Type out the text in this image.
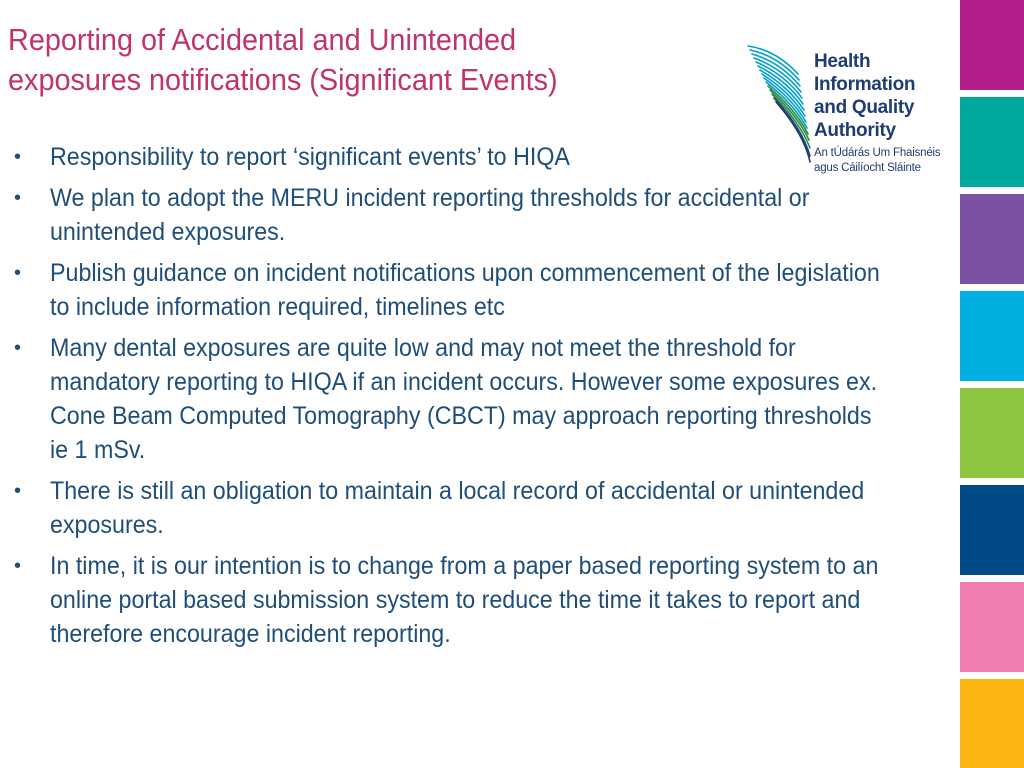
Reporting of Accidental and Unintended
exposures notifications (Significant Events)
Health
Information
and Quality
Authority
An tÚdárás Um Fhaisnéis
agus Cáilíocht Sláinte
• Responsibility to report ‘significant events’ to HIQA
• We plan to adopt the MERU incident reporting thresholds for accidental or unintended exposures.
• Publish guidance on incident notifications upon commencement of the legislation to include information required, timelines etc
• Many dental exposures are quite low and may not meet the threshold for mandatory reporting to HIQA if an incident occurs. However some exposures ex. Cone Beam Computed Tomography (CBCT) may approach reporting thresholds ie 1 mSv.
• There is still an obligation to maintain a local record of accidental or unintended exposures.
• In time, it is our intention is to change from a paper based reporting system to an online portal based submission system to reduce the time it takes to report and therefore encourage incident reporting.
